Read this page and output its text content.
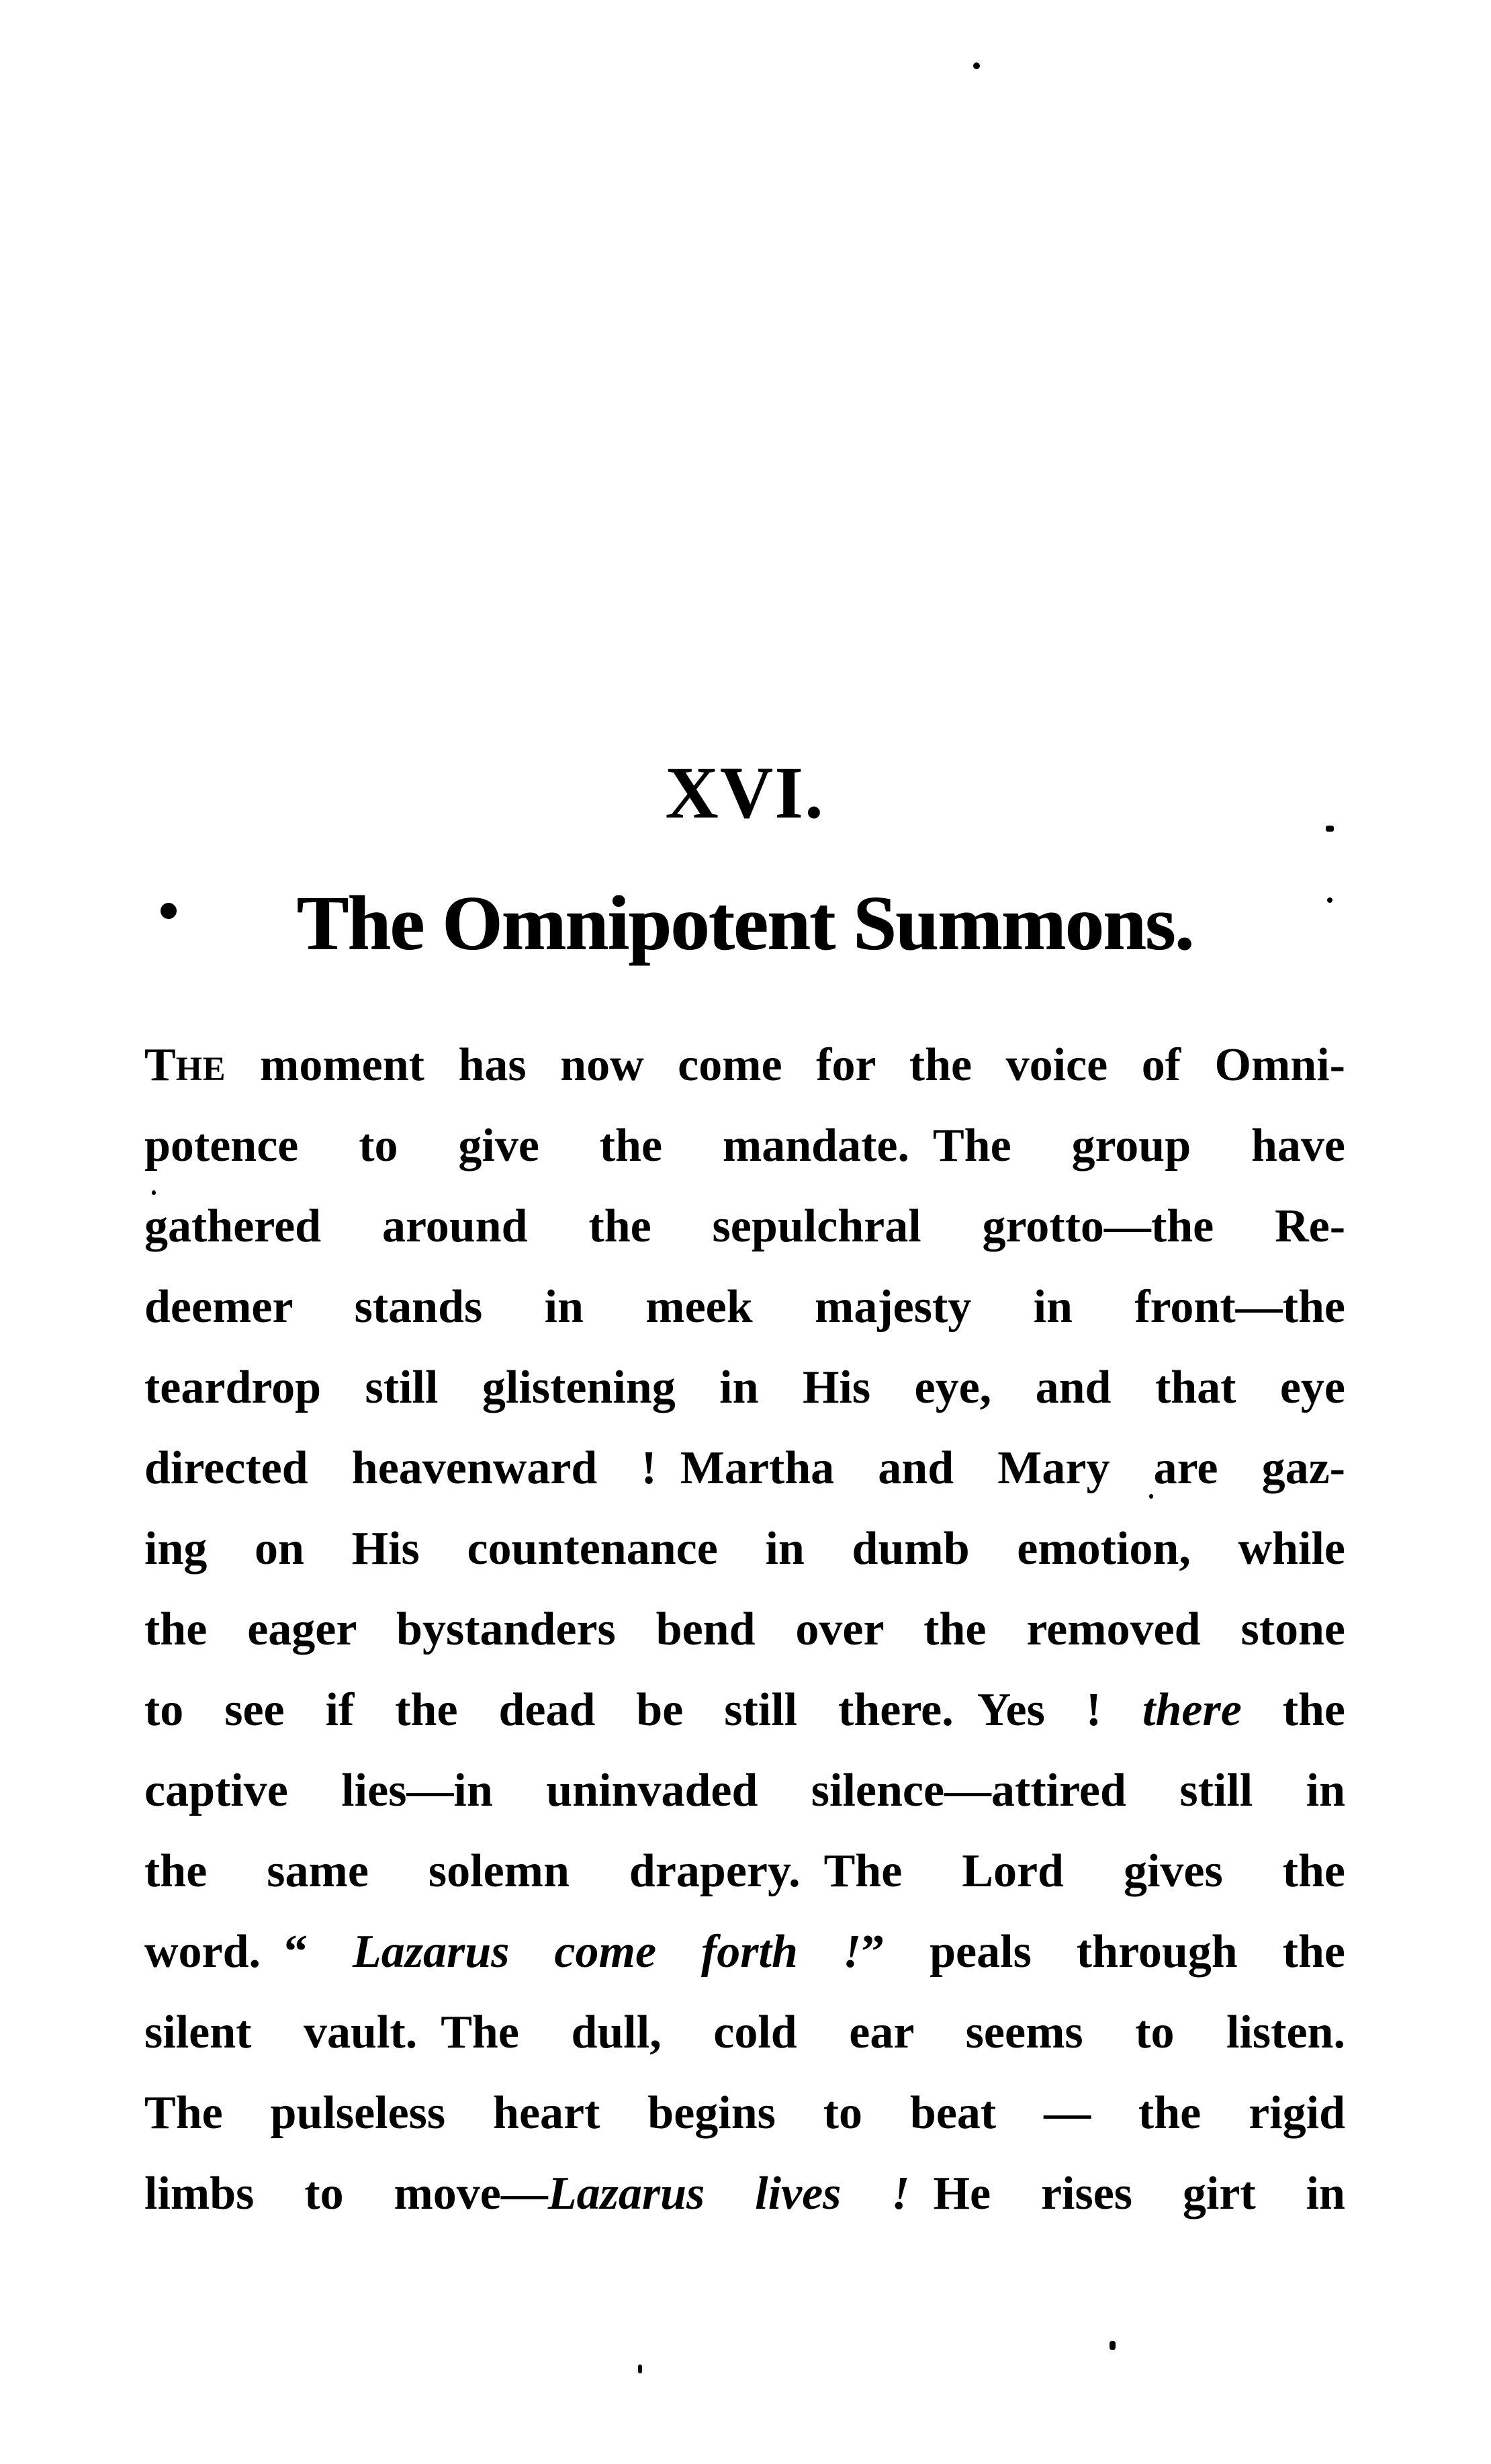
XVI.
The Omnipotent Summons.
THE moment has now come for the voice of Omni-
potence to give the mandate. The group have
gathered around the sepulchral grotto—the Re-
deemer stands in meek majesty in front—the
teardrop still glistening in His eye, and that eye
directed heavenward ! Martha and Mary are gaz-
ing on His countenance in dumb emotion, while
the eager bystanders bend over the removed stone
to see if the dead be still there. Yes ! there the
captive lies—in uninvaded silence—attired still in
the same solemn drapery. The Lord gives the
word. “ Lazarus come forth !” peals through the
silent vault. The dull, cold ear seems to listen.
The pulseless heart begins to beat — the rigid
limbs to move—Lazarus lives ! He rises girt in
